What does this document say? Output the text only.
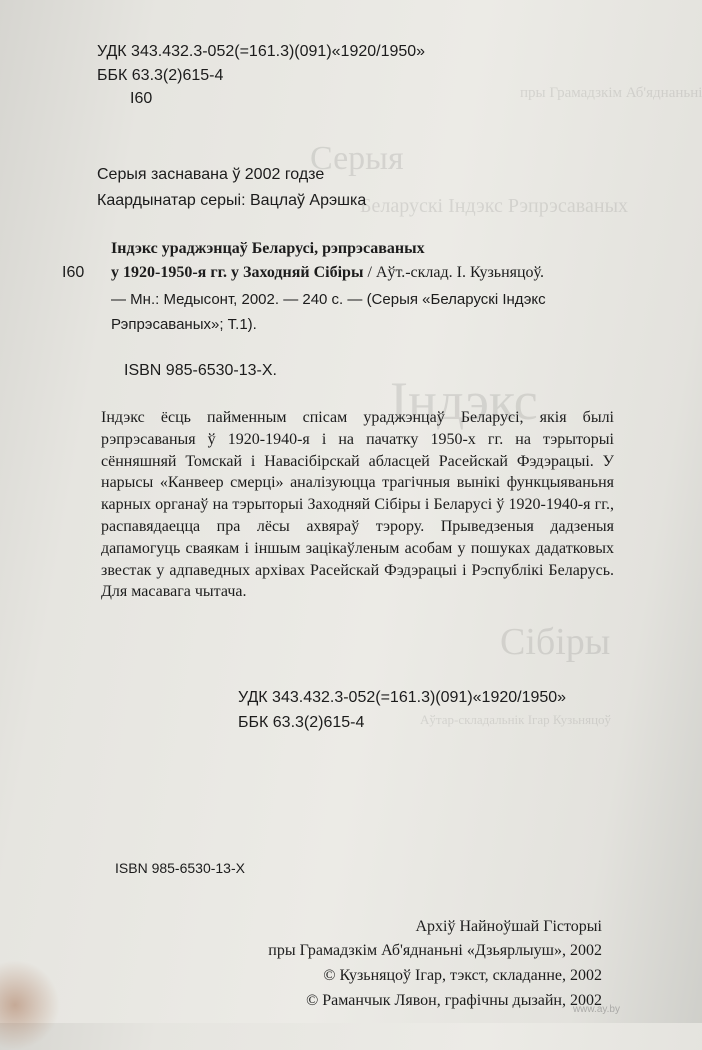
пры Грамадзкім Аб'яднаньні
Серыя
Беларускі Індэкс Рэпрэсаваных
Індэкс
Сібіры
Аўтар-складальнік Ігар Кузьняцоў
УДК 343.432.3-052(=161.3)(091)«1920/1950»
ББК 63.3(2)615-4
І60
Серыя заснавана ў 2002 годзе
Каардынатар серыі: Вацлаў Арэшка
Індэкс ураджэнцаў Беларусі, рэпрэсаваных
І60 у 1920-1950-я гг. у Заходняй Сібіры / Аўт.-склад. І. Кузьняцоў.
— Мн.: Медысонт, 2002. — 240 с. — (Серыя «Беларускі Індэкс
Рэпрэсаваных»; Т.1).
ISBN 985-6530-13-X.
Індэкс ёсць пайменным спісам ураджэнцаў Беларусі, якія былі рэпрэсаваныя ў 1920-1940-я і на пачатку 1950-х гг. на тэрыторыі сённяшняй Томскай і Навасібірскай абласцей Расейскай Фэдэрацыі. У нарысы «Канвеер смерці» аналізуюцца трагічныя вынікі функцыяваньня карных органаў на тэрыторыі Заходняй Сібіры і Беларусі ў 1920-1940-я гг., распавядаецца пра лёсы ахвяраў тэрору. Прыведзеныя дадзеныя дапамогуць сваякам і іншым зацікаўленым асобам у пошуках дадатковых звестак у адпаведных архівах Расейскай Фэдэрацыі і Рэспублікі Беларусь. Для масавага чытача.
УДК 343.432.3-052(=161.3)(091)«1920/1950»
ББК 63.3(2)615-4
ISBN 985-6530-13-X
Архіў Найноўшай Гісторыі
пры Грамадзкім Аб'яднаньні «Дзьярлыуш», 2002
© Кузьняцоў Ігар, тэкст, складанне, 2002
© Раманчык Лявон, графічны дызайн, 2002
www.ay.by
